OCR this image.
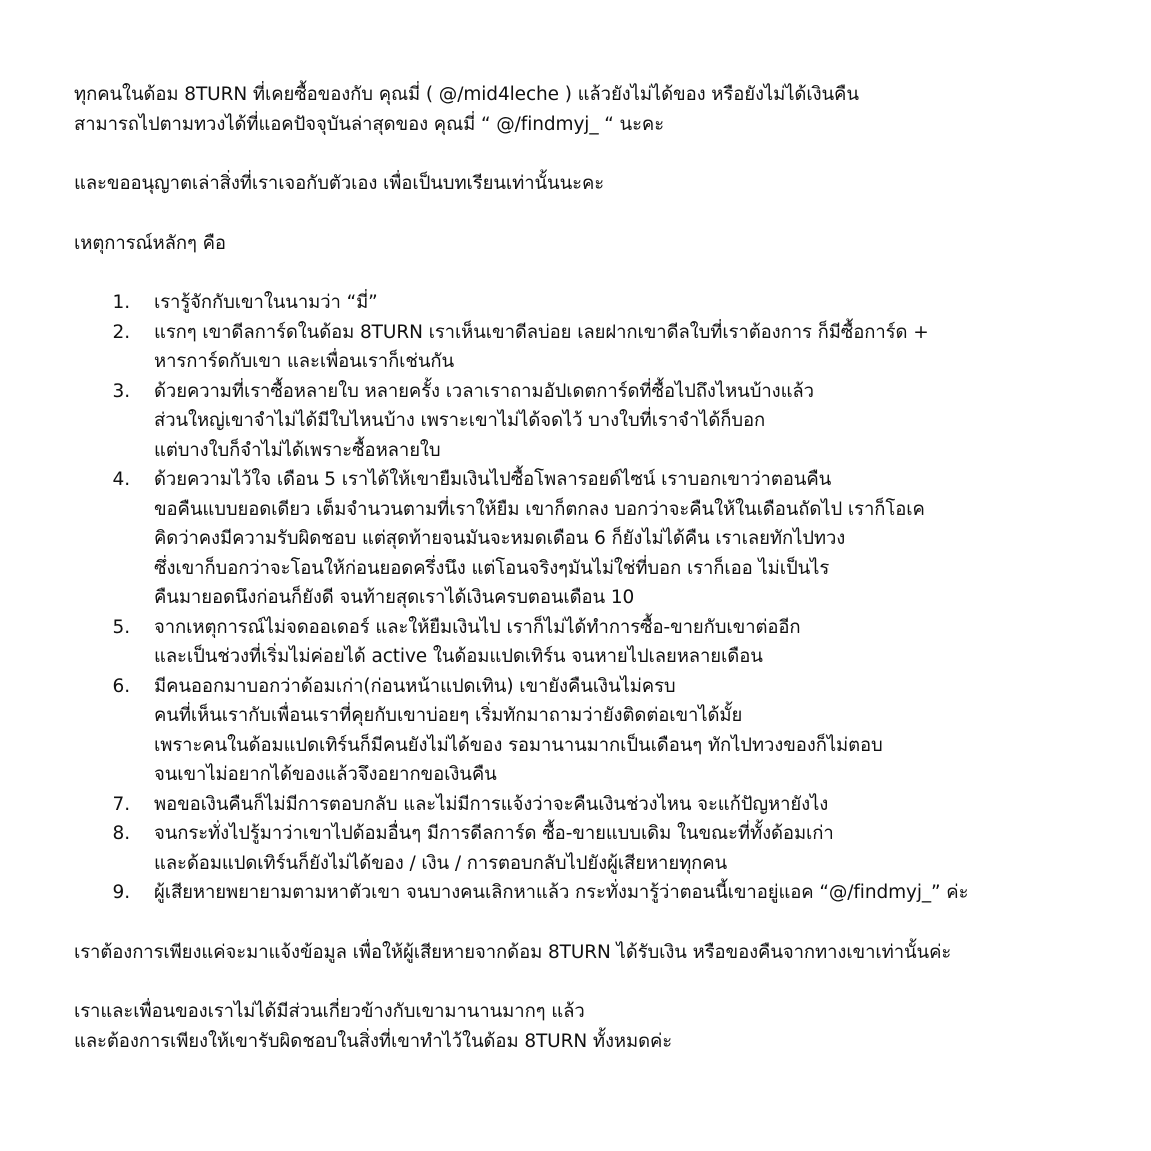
ทุกคนในด้อม 8TURN ที่เคยซื้อของกับ คุณมี่ ( @/mid4leche ) แล้วยังไม่ได้ของ หรือยังไม่ได้เงินคืน

สามารถไปตามทวงได้ที่แอคปัจจุบันล่าสุดของ คุณมี่ “ @/findmyj_ “ นะคะ

และขออนุญาตเล่าสิ่งที่เราเจอกับตัวเอง เพื่อเป็นบทเรียนเท่านั้นนะคะ

เหตุการณ์หลักๆ คือ

1.	เรารู้จักกับเขาในนามว่า “มี่”

2.	แรกๆ เขาดีลการ์ดในด้อม 8TURN เราเห็นเขาดีลบ่อย เลยฝากเขาดีลใบที่เราต้องการ ก็มีซื้อการ์ด +

หารการ์ดกับเขา และเพื่อนเราก็เช่นกัน

3.	ด้วยความที่เราซื้อหลายใบ หลายครั้ง เวลาเราถามอัปเดตการ์ดที่ซื้อไปถึงไหนบ้างแล้ว

ส่วนใหญ่เขาจำไม่ได้มีใบไหนบ้าง เพราะเขาไม่ได้จดไว้ บางใบที่เราจำได้ก็บอก

แต่บางใบก็จำไม่ได้เพราะซื้อหลายใบ

4.	ด้วยความไว้ใจ เดือน 5 เราได้ให้เขายืมเงินไปซื้อโพลารอยด์ไซน์ เราบอกเขาว่าตอนคืน

ขอคืนแบบยอดเดียว เต็มจำนวนตามที่เราให้ยืม เขาก็ตกลง บอกว่าจะคืนให้ในเดือนถัดไป เราก็โอเค

คิดว่าคงมีความรับผิดชอบ แต่สุดท้ายจนมันจะหมดเดือน 6 ก็ยังไม่ได้คืน เราเลยทักไปทวง

ซึ่งเขาก็บอกว่าจะโอนให้ก่อนยอดครึ่งนึง แต่โอนจริงๆมันไม่ใช่ที่บอก เราก็เออ ไม่เป็นไร

คืนมายอดนึงก่อนก็ยังดี จนท้ายสุดเราได้เงินครบตอนเดือน 10

5.	จากเหตุการณ์ไม่จดออเดอร์ และให้ยืมเงินไป เราก็ไม่ได้ทำการซื้อ-ขายกับเขาต่ออีก

และเป็นช่วงที่เริ่มไม่ค่อยได้ active ในด้อมแปดเทิร์น จนหายไปเลยหลายเดือน

6.	มีคนออกมาบอกว่าด้อมเก่า(ก่อนหน้าแปดเทิน) เขายังคืนเงินไม่ครบ

คนที่เห็นเรากับเพื่อนเราที่คุยกับเขาบ่อยๆ เริ่มทักมาถามว่ายังติดต่อเขาได้มั้ย

เพราะคนในด้อมแปดเทิร์นก็มีคนยังไม่ได้ของ รอมานานมากเป็นเดือนๆ ทักไปทวงของก็ไม่ตอบ

จนเขาไม่อยากได้ของแล้วจึงอยากขอเงินคืน

7.	พอขอเงินคืนก็ไม่มีการตอบกลับ และไม่มีการแจ้งว่าจะคืนเงินช่วงไหน จะแก้ปัญหายังไง

8.	จนกระทั่งไปรู้มาว่าเขาไปด้อมอื่นๆ มีการดีลการ์ด ซื้อ-ขายแบบเดิม ในขณะที่ทั้งด้อมเก่า

และด้อมแปดเทิร์นก็ยังไม่ได้ของ / เงิน / การตอบกลับไปยังผู้เสียหายทุกคน

9.	ผู้เสียหายพยายามตามหาตัวเขา จนบางคนเลิกหาแล้ว กระทั่งมารู้ว่าตอนนี้เขาอยู่แอค “@/findmyj_” ค่ะ

เราต้องการเพียงแค่จะมาแจ้งข้อมูล เพื่อให้ผู้เสียหายจากด้อม 8TURN ได้รับเงิน หรือของคืนจากทางเขาเท่านั้นค่ะ

เราและเพื่อนของเราไม่ได้มีส่วนเกี่ยวข้างกับเขามานานมากๆ แล้ว

และต้องการเพียงให้เขารับผิดชอบในสิ่งที่เขาทำไว้ในด้อม 8TURN ทั้งหมดค่ะ
